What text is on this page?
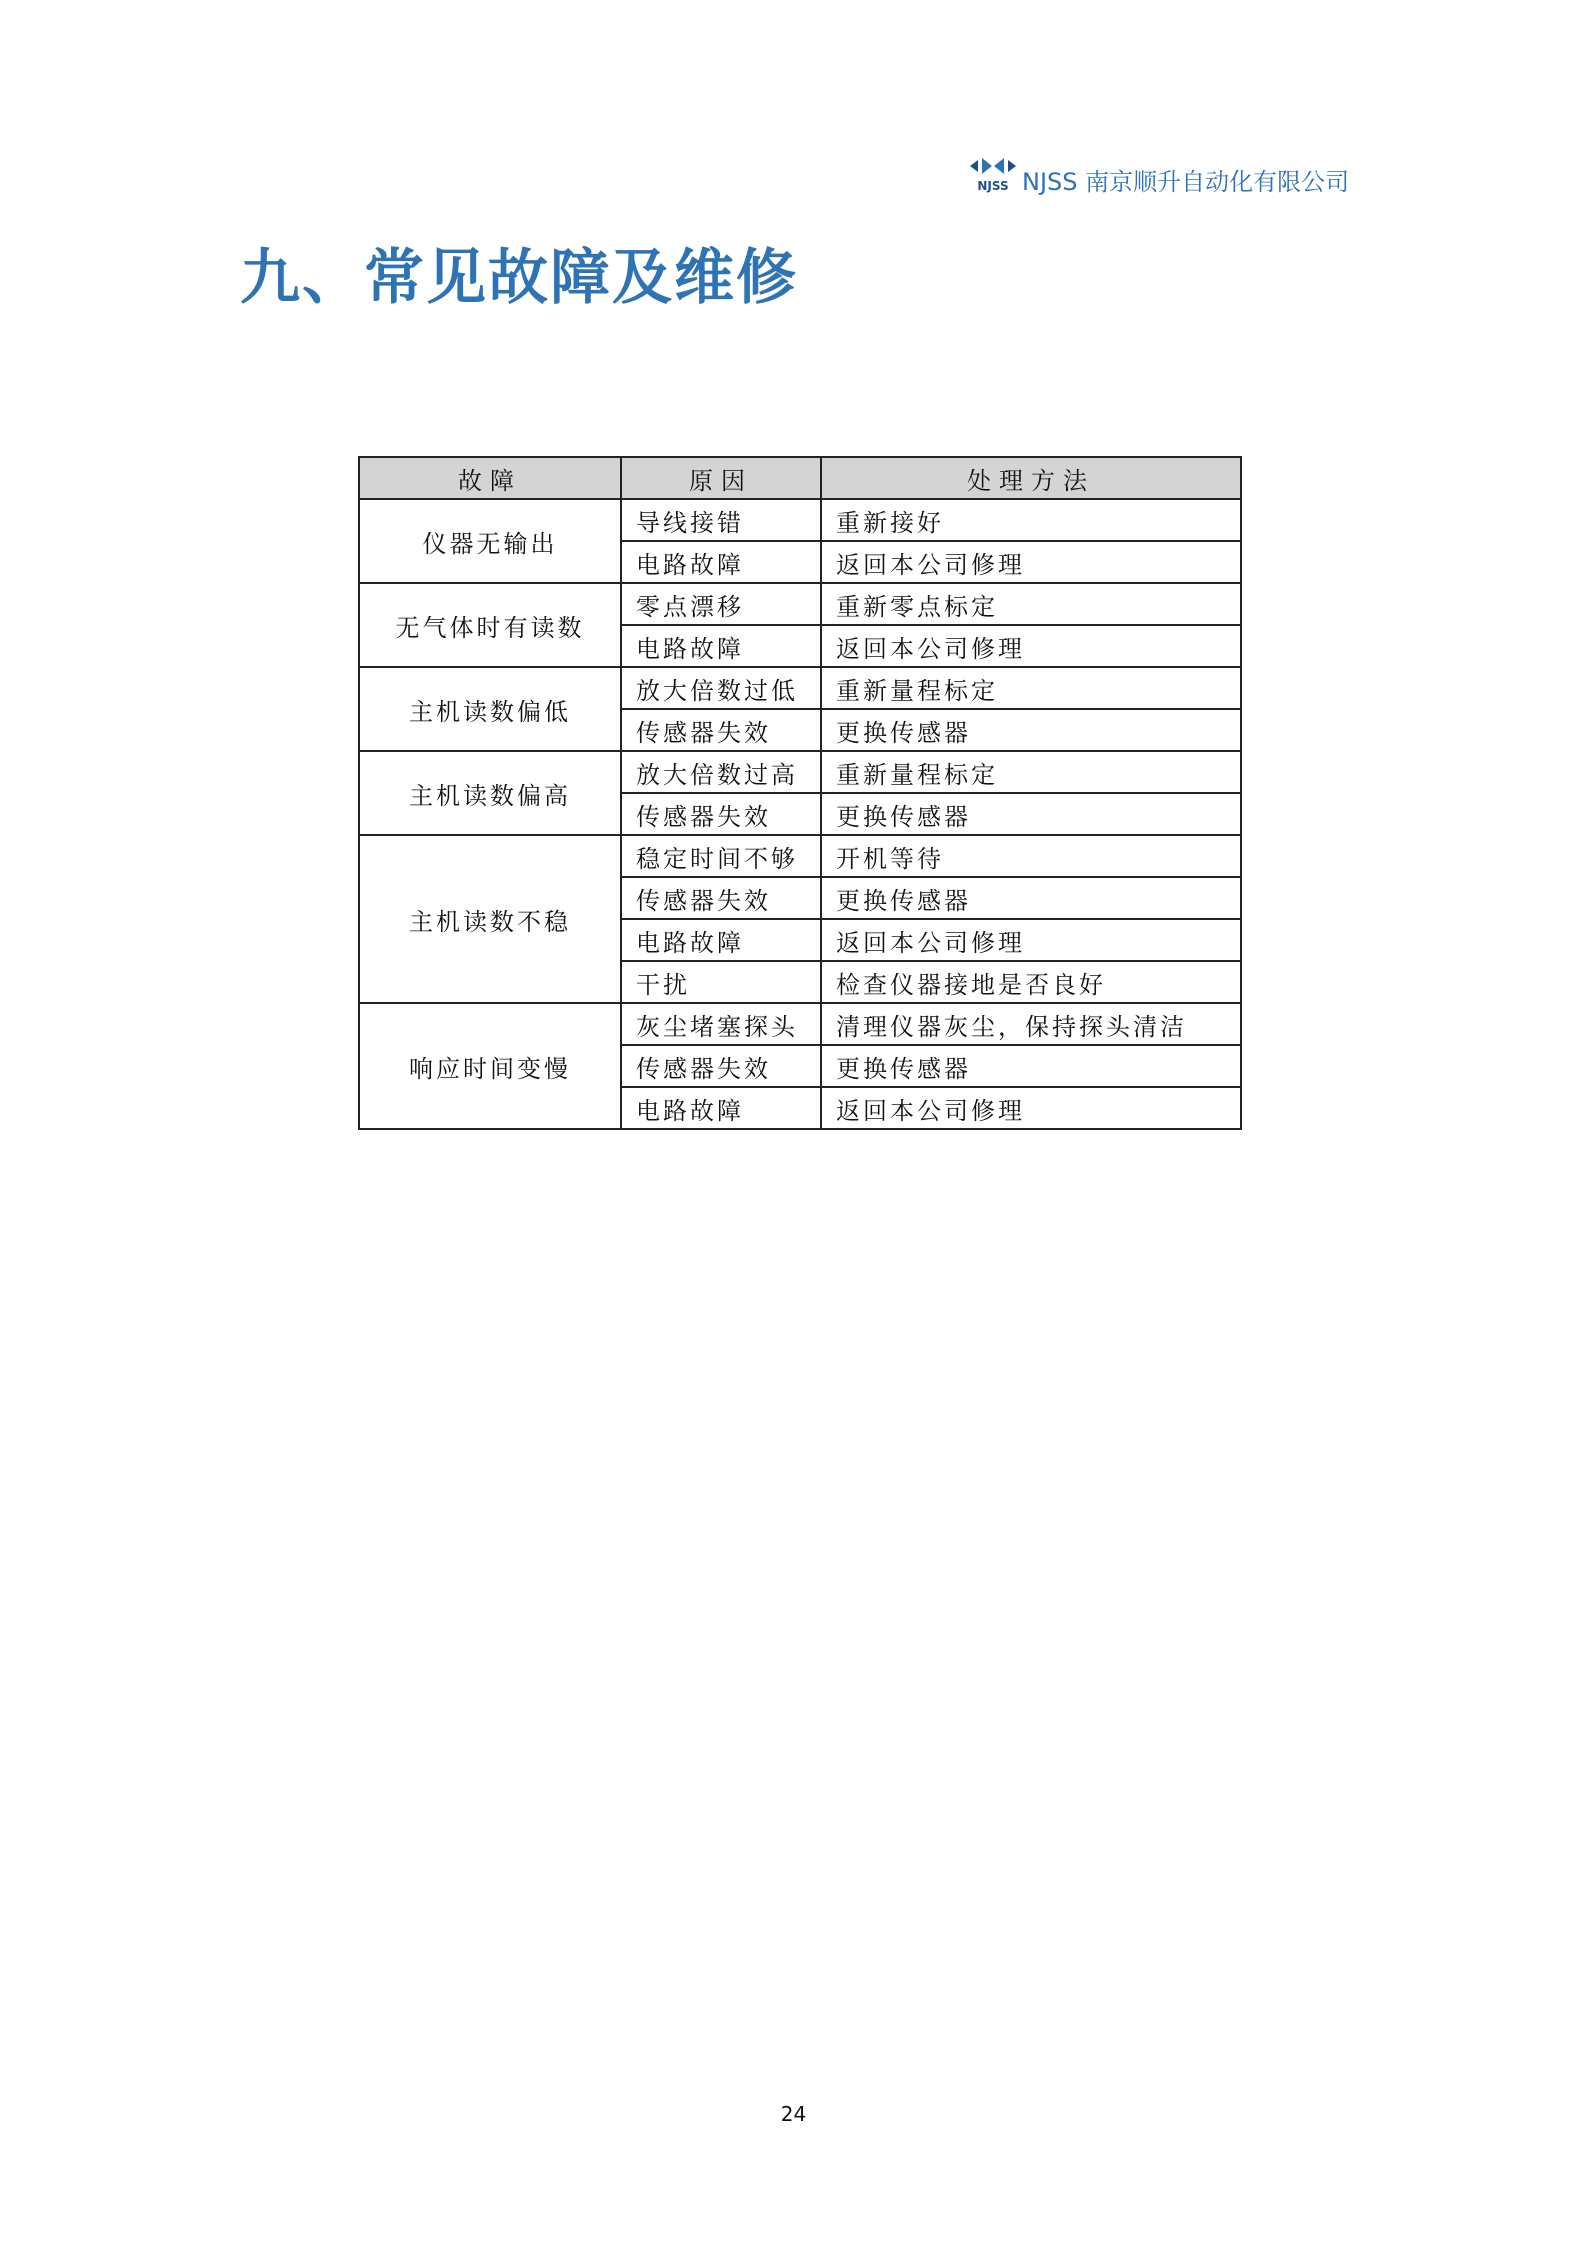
NJSS NJSS 南京顺升自动化有限公司
九、常见故障及维修
故障	原因	处理方法
仪器无输出	导线接错	重新接好
	电路故障	返回本公司修理
无气体时有读数	零点漂移	重新零点标定
	电路故障	返回本公司修理
主机读数偏低	放大倍数过低	重新量程标定
	传感器失效	更换传感器
主机读数偏高	放大倍数过高	重新量程标定
	传感器失效	更换传感器
主机读数不稳	稳定时间不够	开机等待
	传感器失效	更换传感器
	电路故障	返回本公司修理
	干扰	检查仪器接地是否良好
响应时间变慢	灰尘堵塞探头	清理仪器灰尘，保持探头清洁
	传感器失效	更换传感器
	电路故障	返回本公司修理
24
